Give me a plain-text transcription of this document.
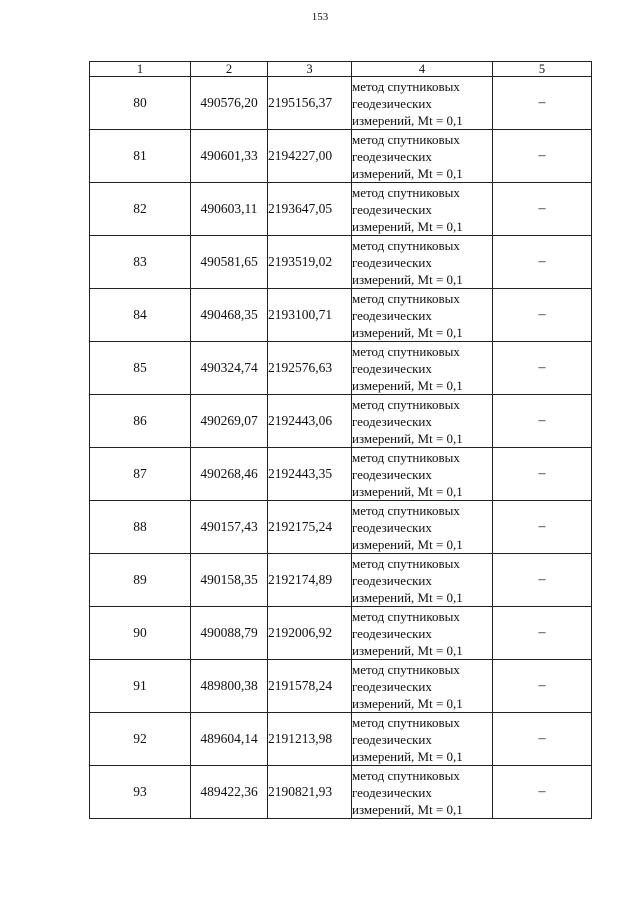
153
1	2	3	4	5
80	490576,20	2195156,37	метод спутниковых
геодезических
измерений, Mt = 0,1	–
81	490601,33	2194227,00	метод спутниковых
геодезических
измерений, Mt = 0,1	–
82	490603,11	2193647,05	метод спутниковых
геодезических
измерений, Mt = 0,1	–
83	490581,65	2193519,02	метод спутниковых
геодезических
измерений, Mt = 0,1	–
84	490468,35	2193100,71	метод спутниковых
геодезических
измерений, Mt = 0,1	–
85	490324,74	2192576,63	метод спутниковых
геодезических
измерений, Mt = 0,1	–
86	490269,07	2192443,06	метод спутниковых
геодезических
измерений, Mt = 0,1	–
87	490268,46	2192443,35	метод спутниковых
геодезических
измерений, Mt = 0,1	–
88	490157,43	2192175,24	метод спутниковых
геодезических
измерений, Mt = 0,1	–
89	490158,35	2192174,89	метод спутниковых
геодезических
измерений, Mt = 0,1	–
90	490088,79	2192006,92	метод спутниковых
геодезических
измерений, Mt = 0,1	–
91	489800,38	2191578,24	метод спутниковых
геодезических
измерений, Mt = 0,1	–
92	489604,14	2191213,98	метод спутниковых
геодезических
измерений, Mt = 0,1	–
93	489422,36	2190821,93	метод спутниковых
геодезических
измерений, Mt = 0,1	–
